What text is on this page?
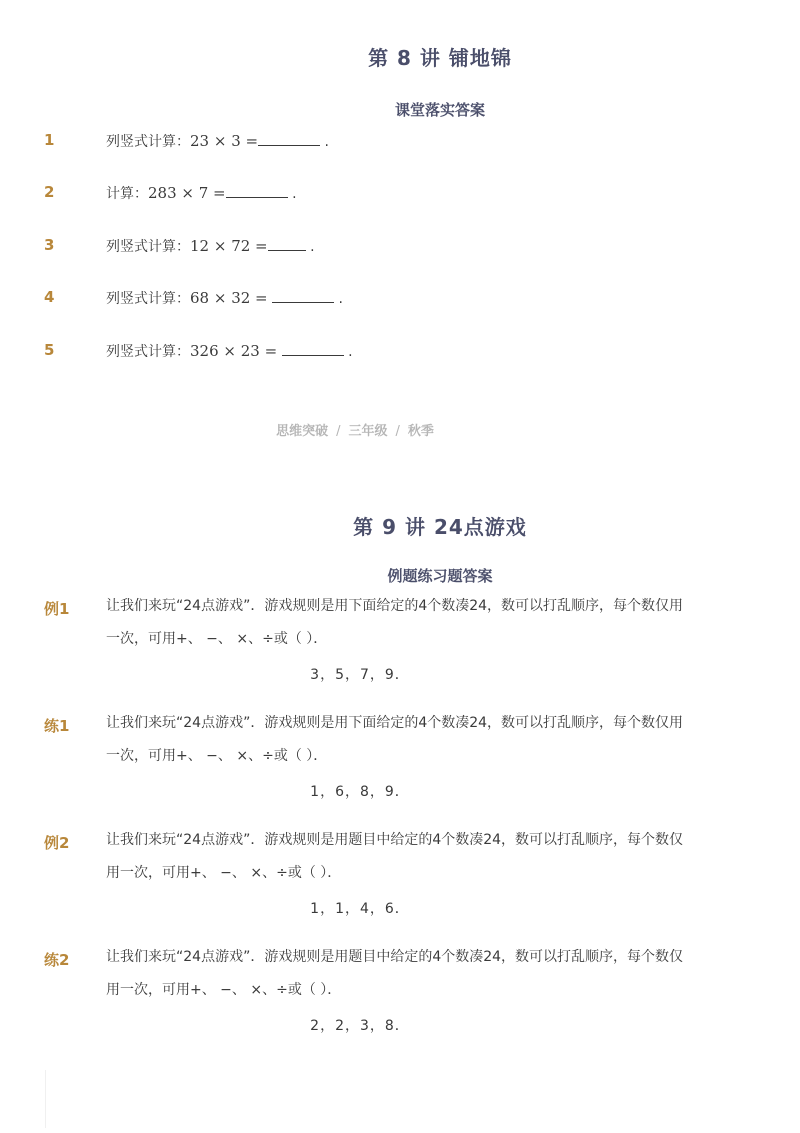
第 8 讲 铺地锦
课堂落实答案
1	列竖式计算：23 × 3 =	.
2	计算：283 × 7 =	.
3	列竖式计算：12 × 72 =	.
4	列竖式计算：68 × 32 =	.
5	列竖式计算：326 × 23 =	.
思维突破 / 三年级 / 秋季
第 9 讲 24点游戏
例题练习题答案
例1	让我们来玩“24点游戏”．游戏规则是用下面给定的4个数凑24，数可以打乱顺序，每个数仅用
一次，可用+、 −、 ×、÷或（ ）．
3，5，7，9．
练1	让我们来玩“24点游戏”．游戏规则是用下面给定的4个数凑24，数可以打乱顺序，每个数仅用
一次，可用+、 −、 ×、÷或（ ）．
1，6，8，9．
例2	让我们来玩“24点游戏”．游戏规则是用题目中给定的4个数凑24，数可以打乱顺序，每个数仅
用一次，可用+、 −、 ×、÷或（ ）．
1，1，4，6．
练2	让我们来玩“24点游戏”．游戏规则是用题目中给定的4个数凑24，数可以打乱顺序，每个数仅
用一次，可用+、 −、 ×、÷或（ ）．
2，2，3，8．
